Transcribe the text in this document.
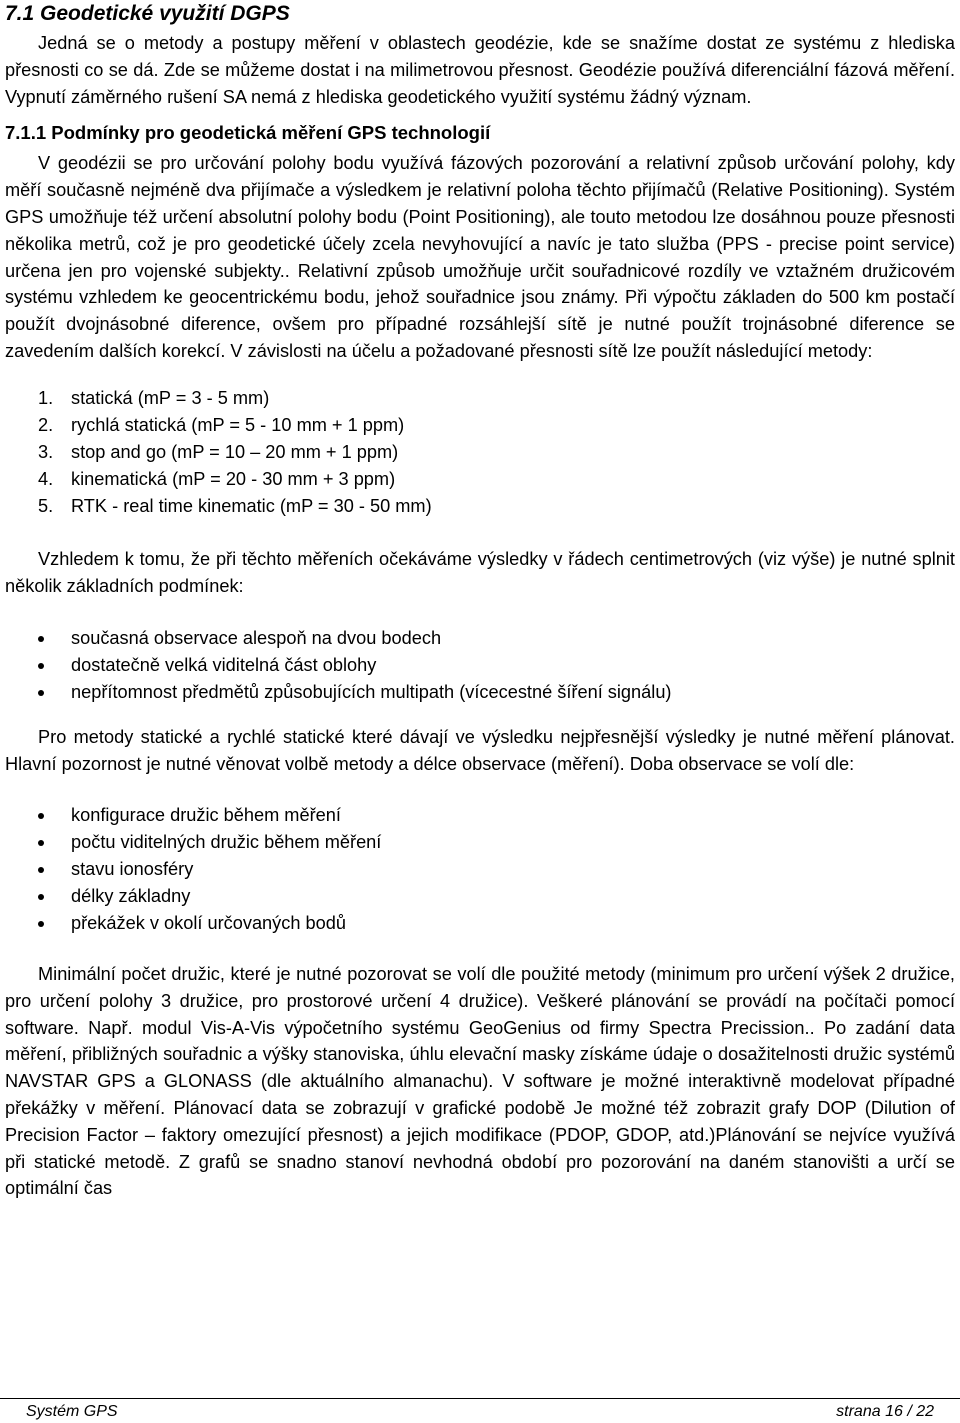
7.1 Geodetické využití DGPS

Jedná se o metody a postupy měření v oblastech geodézie, kde se snažíme dostat ze systému z hlediska přesnosti co se dá. Zde se můžeme dostat i na milimetrovou přesnost. Geodézie používá diferenciální fázová měření. Vypnutí záměrného rušení SA nemá z hlediska geodetického využití systému žádný význam.

7.1.1 Podmínky pro geodetická měření GPS technologií

V geodézii se pro určování polohy bodu využívá fázových pozorování a relativní způsob určování polohy, kdy měří současně nejméně dva přijímače a výsledkem je relativní poloha těchto přijímačů (Relative Positioning). Systém GPS umožňuje též určení absolutní polohy bodu (Point Positioning), ale touto metodou lze dosáhnou pouze přesnosti několika metrů, což je pro geodetické účely zcela nevyhovující a navíc je tato služba (PPS - precise point service) určena jen pro vojenské subjekty.. Relativní způsob umožňuje určit souřadnicové rozdíly ve vztažném družicovém systému vzhledem ke geocentrickému bodu, jehož souřadnice jsou známy. Při výpočtu základen do 500 km postačí použít dvojnásobné diference, ovšem pro případné rozsáhlejší sítě je nutné použít trojnásobné diference se zavedením dalších korekcí. V závislosti na účelu a požadované přesnosti sítě lze použít následující metody:

1. statická (mP = 3 - 5 mm)
2. rychlá statická (mP = 5 - 10 mm + 1 ppm)
3. stop and go (mP = 10 – 20 mm + 1 ppm)
4. kinematická (mP = 20 - 30 mm + 3 ppm)
5. RTK - real time kinematic (mP = 30 - 50 mm)

Vzhledem k tomu, že při těchto měřeních očekáváme výsledky v řádech centimetrových (viz výše) je nutné splnit několik základních podmínek:

současná observace alespoň na dvou bodech
dostatečně velká viditelná část oblohy
nepřítomnost předmětů způsobujících multipath (vícecestné šíření signálu)

Pro metody statické a rychlé statické které dávají ve výsledku nejpřesnější výsledky je nutné měření plánovat. Hlavní pozornost je nutné věnovat volbě metody a délce observace (měření). Doba observace se volí dle:

konfigurace družic během měření
počtu viditelných družic během měření
stavu ionosféry
délky základny
překážek v okolí určovaných bodů

Minimální počet družic, které je nutné pozorovat se volí dle použité metody (minimum pro určení výšek 2 družice, pro určení polohy 3 družice, pro prostorové určení 4 družice). Veškeré plánování se provádí na počítači pomocí software. Např. modul Vis-A-Vis výpočetního systému GeoGenius od firmy Spectra Precission.. Po zadání data měření, přibližných souřadnic a výšky stanoviska, úhlu elevační masky získáme údaje o dosažitelnosti družic systémů NAVSTAR GPS a GLONASS (dle aktuálního almanachu). V software je možné interaktivně modelovat případné překážky v měření. Plánovací data se zobrazují v grafické podobě Je možné též zobrazit grafy DOP (Dilution of Precision Factor – faktory omezující přesnost) a jejich modifikace (PDOP, GDOP, atd.)Plánování se nejvíce využívá při statické metodě. Z grafů se snadno stanoví nevhodná období pro pozorování na daném stanovišti a určí se optimální čas

Systém GPS	strana 16 / 22
